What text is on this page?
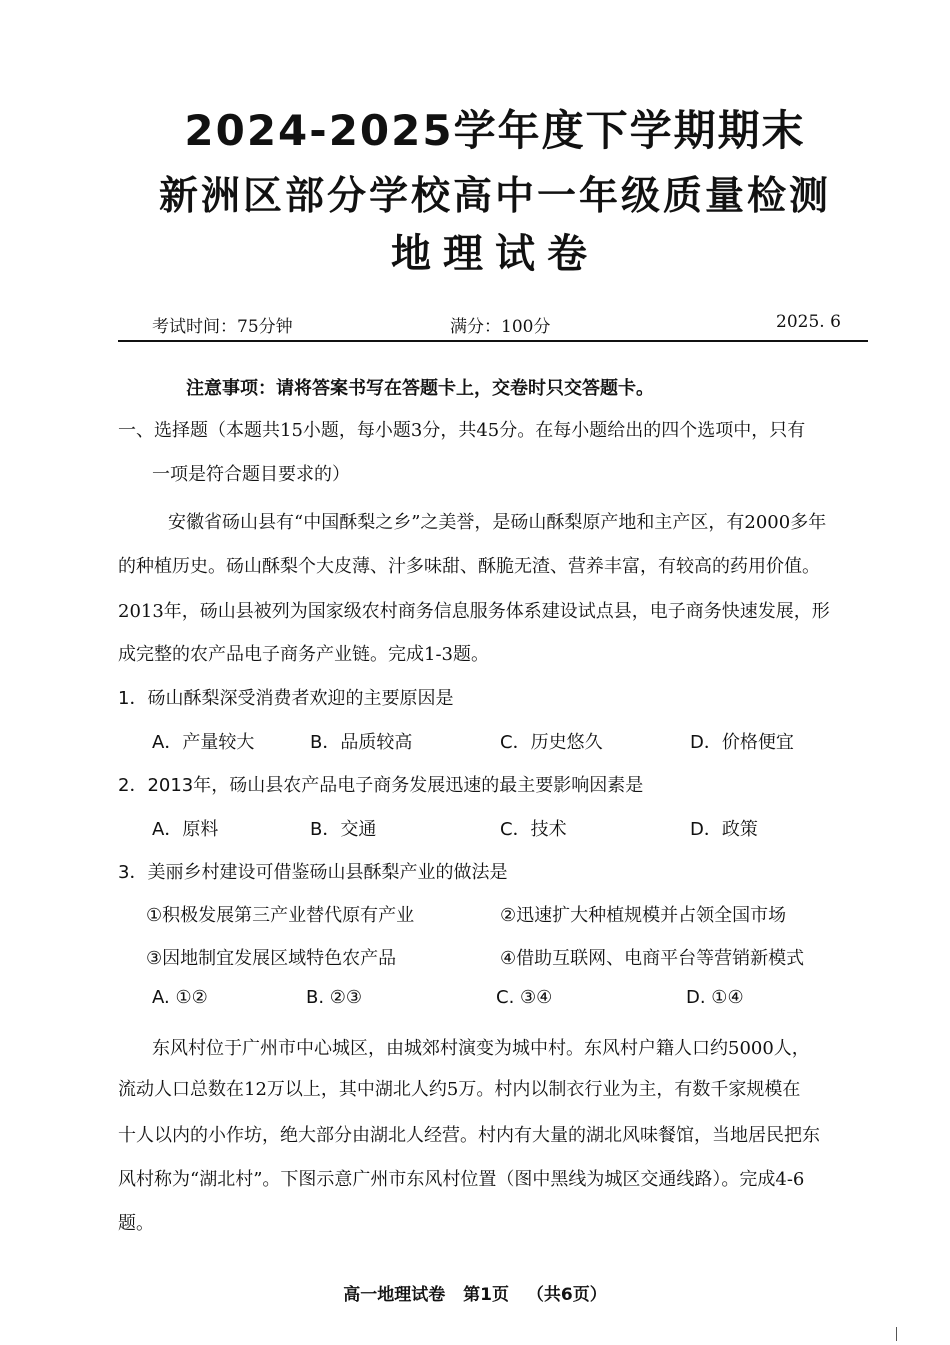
2024-2025学年度下学期期末
新洲区部分学校高中一年级质量检测
地理试卷
考试时间：75分钟	满分：100分	2025. 6
注意事项：请将答案书写在答题卡上，交卷时只交答题卡。
一、选择题（本题共15小题，每小题3分，共45分。在每小题给出的四个选项中，只有
一项是符合题目要求的）
安徽省砀山县有“中国酥梨之乡”之美誉，是砀山酥梨原产地和主产区，有2000多年
的种植历史。砀山酥梨个大皮薄、汁多味甜、酥脆无渣、营养丰富，有较高的药用价值。
2013年，砀山县被列为国家级农村商务信息服务体系建设试点县，电子商务快速发展，形
成完整的农产品电子商务产业链。完成1-3题。
1．砀山酥梨深受消费者欢迎的主要原因是
A．产量较大	B．品质较高	C．历史悠久	D．价格便宜
2．2013年，砀山县农产品电子商务发展迅速的最主要影响因素是
A．原料	B．交通	C．技术	D．政策
3．美丽乡村建设可借鉴砀山县酥梨产业的做法是
①积极发展第三产业替代原有产业	②迅速扩大种植规模并占领全国市场
③因地制宜发展区域特色农产品	④借助互联网、电商平台等营销新模式
A. ①②	B. ②③	C. ③④	D. ①④
东风村位于广州市中心城区，由城郊村演变为城中村。东风村户籍人口约5000人，
流动人口总数在12万以上，其中湖北人约5万。村内以制衣行业为主，有数千家规模在
十人以内的小作坊，绝大部分由湖北人经营。村内有大量的湖北风味餐馆，当地居民把东
风村称为“湖北村”。下图示意广州市东风村位置（图中黑线为城区交通线路）。完成4-6
题。
高一地理试卷 第1页 （共6页）
